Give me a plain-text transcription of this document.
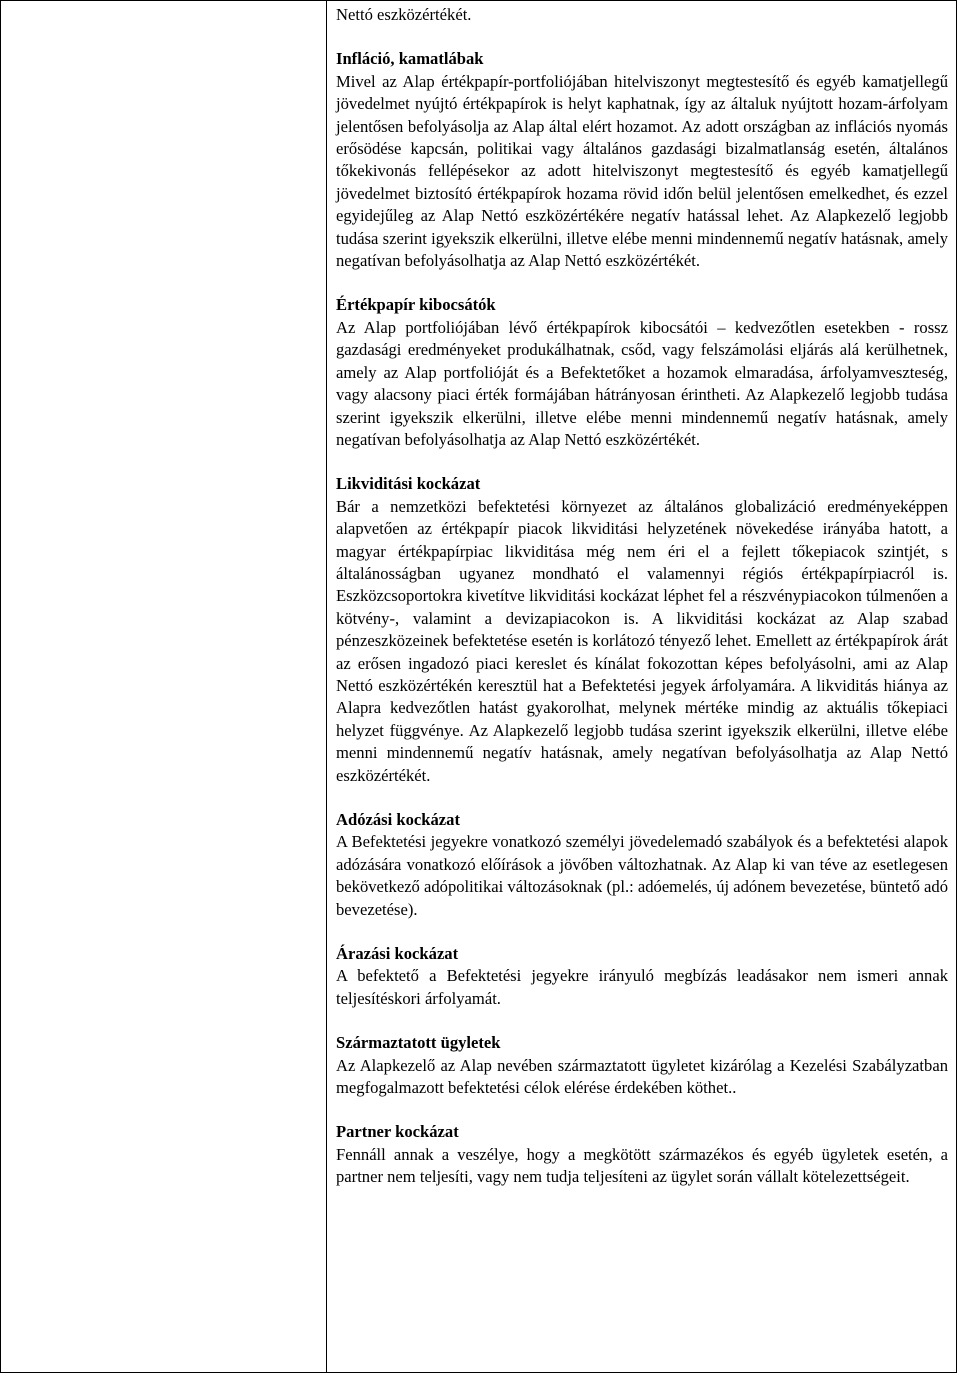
Nettó eszközértékét.

Infláció, kamatlábak

Mivel az Alap értékpapír-portfoliójában hitelviszonyt megtestesítő és egyéb kamatjellegű jövedelmet nyújtó értékpapírok is helyt kaphatnak, így az általuk nyújtott hozam-árfolyam jelentősen befolyásolja az Alap által elért hozamot. Az adott országban az inflációs nyomás erősödése kapcsán, politikai vagy általános gazdasági bizalmatlanság esetén, általános tőkekivonás fellépésekor az adott hitelviszonyt megtestesítő és egyéb kamatjellegű jövedelmet biztosító értékpapírok hozama rövid időn belül jelentősen emelkedhet, és ezzel egyidejűleg az Alap Nettó eszközértékére negatív hatással lehet. Az Alapkezelő legjobb tudása szerint igyekszik elkerülni, illetve elébe menni mindennemű negatív hatásnak, amely negatívan befolyásolhatja az Alap Nettó eszközértékét.

Értékpapír kibocsátók

Az Alap portfoliójában lévő értékpapírok kibocsátói – kedvezőtlen esetekben - rossz gazdasági eredményeket produkálhatnak, csőd, vagy felszámolási eljárás alá kerülhetnek, amely az Alap portfolióját és a Befektetőket a hozamok elmaradása, árfolyamveszteség, vagy alacsony piaci érték formájában hátrányosan érintheti. Az Alapkezelő legjobb tudása szerint igyekszik elkerülni, illetve elébe menni mindennemű negatív hatásnak, amely negatívan befolyásolhatja az Alap Nettó eszközértékét.

Likviditási kockázat

Bár a nemzetközi befektetési környezet az általános globalizáció eredményeképpen alapvetően az értékpapír piacok likviditási helyzetének növekedése irányába hatott, a magyar értékpapírpiac likviditása még nem éri el a fejlett tőkepiacok szintjét, s általánosságban ugyanez mondható el valamennyi régiós értékpapírpiacról is. Eszközcsoportokra kivetítve likviditási kockázat léphet fel a részvénypiacokon túlmenően a kötvény-, valamint a devizapiacokon is. A likviditási kockázat az Alap szabad pénzeszközeinek befektetése esetén is korlátozó tényező lehet. Emellett az értékpapírok árát az erősen ingadozó piaci kereslet és kínálat fokozottan képes befolyásolni, ami az Alap Nettó eszközértékén keresztül hat a Befektetési jegyek árfolyamára. A likviditás hiánya az Alapra kedvezőtlen hatást gyakorolhat, melynek mértéke mindig az aktuális tőkepiaci helyzet függvénye. Az Alapkezelő legjobb tudása szerint igyekszik elkerülni, illetve elébe menni mindennemű negatív hatásnak, amely negatívan befolyásolhatja az Alap Nettó eszközértékét.

Adózási kockázat

A Befektetési jegyekre vonatkozó személyi jövedelemadó szabályok és a befektetési alapok adózására vonatkozó előírások a jövőben változhatnak. Az Alap ki van téve az esetlegesen bekövetkező adópolitikai változásoknak (pl.: adóemelés, új adónem bevezetése, büntető adó bevezetése).

Árazási kockázat

A befektető a Befektetési jegyekre irányuló megbízás leadásakor nem ismeri annak teljesítéskori árfolyamát.

Származtatott ügyletek

Az Alapkezelő az Alap nevében származtatott ügyletet kizárólag a Kezelési Szabályzatban megfogalmazott befektetési célok elérése érdekében köthet..

Partner kockázat

Fennáll annak a veszélye, hogy a megkötött származékos és egyéb ügyletek esetén, a partner nem teljesíti, vagy nem tudja teljesíteni az ügylet során vállalt kötelezettségeit.
